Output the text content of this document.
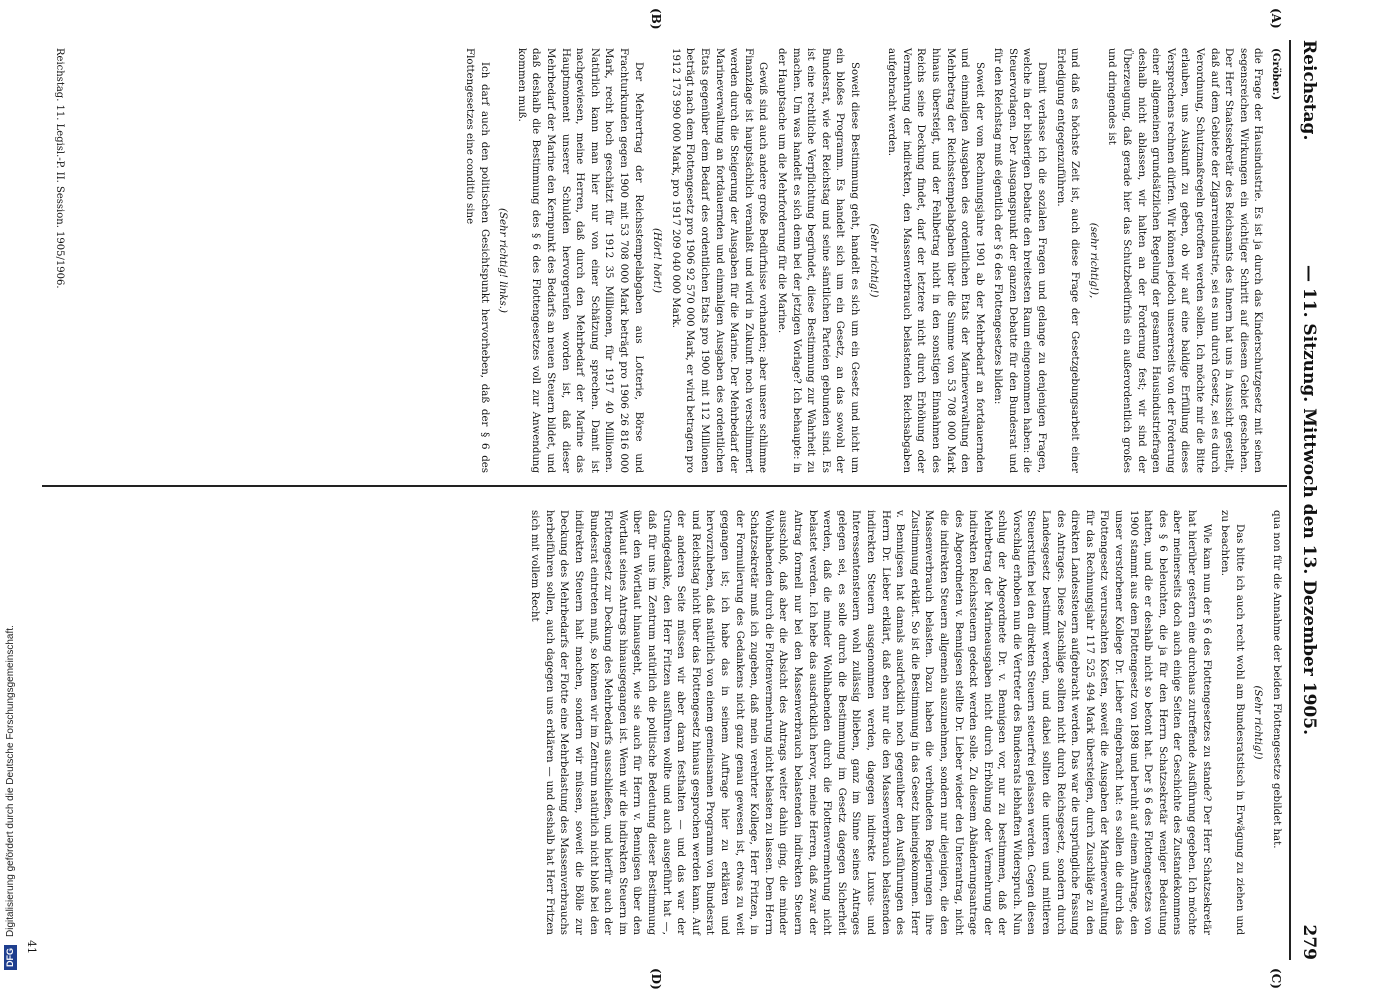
Reichstag.
— 11. Sitzung. Mittwoch den 13. Dezember 1905.
279
(A)
(B)
(C)
(D)

(Gröber.)

die Frage der Hausindustrie. Es ist ja durch das Kinderschutzgesetz mit seinen segensreichen Wirkungen ein wichtiger Schritt auf diesem Gebiet geschehen. Der Herr Staatssekretär des Reichsamts des Innern hat uns in Aussicht gestellt, daß auf dem Gebiete der Zigarrenindustrie, sei es nun durch Gesetz, sei es durch Verordnung, Schutzmaßregeln getroffen werden sollen. Ich möchte mir die Bitte erlauben, uns Auskunft zu geben, ob wir auf eine baldige Erfüllung dieses Versprechens rechnen dürfen. Wir können jedoch unsererseits von der Forderung einer allgemeinen grundsätzlichen Regelung der gesamten Hausindustriefragen deshalb nicht ablassen, wir halten an der Forderung fest; wir sind der Überzeugung, daß gerade hier das Schutzbedürfnis ein außerordentlich großes und dringendes ist

(sehr richtig!),

und daß es höchste Zeit ist, auch diese Frage der Gesetzgebungsarbeit einer Erledigung entgegenzuführen.

Damit verlasse ich die sozialen Fragen und gelange zu denjenigen Fragen, welche in der bisherigen Debatte den breitesten Raum eingenommen haben: die Steuervorlagen. Der Ausgangspunkt der ganzen Debatte für den Bundesrat und für den Reichstag muß eigentlich der § 6 des Flottengesetzes bilden:

Soweit der vom Rechnungsjahre 1901 ab der Mehrbedarf an fortdauernden und einmaligen Ausgaben des ordentlichen Etats der Marineverwaltung den Mehrbetrag der Reichsstempelabgaben über die Summe von 53 708 000 Mark hinaus übersteigt, und der Fehlbetrag nicht in den sonstigen Einnahmen des Reichs seine Deckung findet, darf der letztere nicht durch Erhöhung oder Vermehrung der indirekten, den Massenverbrauch belastenden Reichsabgaben aufgebracht werden.

(Sehr richtig!)

Soweit diese Bestimmung geht, handelt es sich um ein Gesetz und nicht um ein bloßes Programm. Es handelt sich um ein Gesetz, an das sowohl der Bundesrat, wie der Reichstag und seine sämtlichen Parteien gebunden sind. Es ist eine rechtliche Verpflichtung begründet, diese Bestimmung zur Wahrheit zu machen. Um was handelt es sich denn bei der jetzigen Vorlage? Ich behaupte: in der Hauptsache um die Mehrforderung für die Marine.

Gewiß sind auch andere große Bedürfnisse vorhanden; aber unsere schlimme Finanzlage ist hauptsächlich veranlaßt und wird in Zukunft noch verschlimmert werden durch die Steigerung der Ausgaben für die Marine. Der Mehrbedarf der Marineverwaltung an fortdauernden und einmaligen Ausgaben des ordentlichen Etats gegenüber dem Bedarf des ordentlichen Etats pro 1900 mit 112 Millionen beträgt nach dem Flottengesetz pro 1906 92 570 000 Mark, er wird betragen pro 1912 173 990 000 Mark, pro 1917 209 040 000 Mark.

(Hört! hört!)

Der Mehrertrag der Reichsstempelabgaben aus Lotterie, Börse und Frachturkunden gegen 1900 mit 53 708 000 Mark beträgt pro 1906 26 816 000 Mark, recht hoch geschätzt für 1912 35 Millionen, für 1917 40 Millionen. Natürlich kann man hier nur von einer Schätzung sprechen. Damit ist nachgewiesen, meine Herren, daß durch den Mehrbedarf der Marine das Hauptmoment unserer Schulden hervorgerufen worden ist, daß dieser Mehrbedarf der Marine den Kernpunkt des Bedarfs an neuen Steuern bildet, und daß deshalb die Bestimmung des § 6 des Flottengesetzes voll zur Anwendung kommen muß.

(Sehr richtig! links.)

Ich darf auch den politischen Gesichtspunkt hervorheben, daß der § 6 des Flottengesetzes eine conditio sine

qua non für die Annahme der beiden Flottengesetze gebildet hat.

(Sehr richtig!)

Das bitte ich auch recht wohl am Bundesratstisch in Erwägung zu ziehen und zu beachten.

Wie kam nun der § 6 des Flottengesetzes zu stande? Der Herr Schatzsekretär hat hierüber gestern eine durchaus zutreffende Ausführung gegeben. Ich möchte aber meinerseits doch auch einige Seiten der Geschichte des Zustandekommens des § 6 beleuchten, die ja für den Herrn Schatzsekretär weniger Bedeutung hatten, und die er deshalb nicht so betont hat. Der § 6 des Flottengesetzes von 1900 stammt aus dem Flottengesetz von 1898 und beruht auf einem Antrage, den unser verstorbener Kollege Dr. Lieber eingebracht hat: es sollen die durch das Flottengesetz verursachten Kosten, soweit die Ausgaben der Marineverwaltung für das Rechnungsjahr 117 525 494 Mark übersteigen, durch Zuschläge zu den direkten Landessteuern aufgebracht werden. Das war die ursprüngliche Fassung des Antrages. Diese Zuschläge sollten nicht durch Reichsgesetz, sondern durch Landesgesetz bestimmt werden, und dabei sollten die unteren und mittleren Steuerstufen bei den direkten Steuern steuerfrei gelassen werden. Gegen diesen Vorschlag erhoben nun die Vertreter des Bundesrats lebhaften Widerspruch. Nun schlug der Abgeordnete Dr. v. Bennigsen vor, nur zu bestimmen, daß der Mehrbetrag der Marineausgaben nicht durch Erhöhung oder Vermehrung der indirekten Reichssteuern gedeckt werden solle. Zu diesem Abänderungsantrage des Abgeordneten v. Bennigsen stellte Dr. Lieber wieder den Unterantrag, nicht die indirekten Steuern allgemein auszunehmen, sondern nur diejenigen, die den Massenverbrauch belasten. Dazu haben die verbündeten Regierungen ihre Zustimmung erklärt. So ist die Bestimmung in das Gesetz hineingekommen. Herr v. Bennigsen hat damals ausdrücklich noch gegenüber den Ausführungen des Herrn Dr. Lieber erklärt, daß eben nur die den Massenverbrauch belastenden indirekten Steuern ausgenommen werden, dagegen indirekte Luxus- und Interessentensteuern wohl zulässig blieben, ganz im Sinne seines Antrages gelegen sei, es solle durch die Bestimmung im Gesetz dagegen Sicherheit werden, daß die minder Wohlhabenden durch die Flottenvermehrung nicht belastet werden. Ich hebe das ausdrücklich hervor, meine Herren, daß zwar der Antrag formell nur bei den Massenverbrauch belastenden indirekten Steuern ausschloß, daß aber die Absicht des Antrags weiter dahin ging, die minder Wohlhabenden durch die Flottenvermehrung nicht belasten zu lassen. Dem Herrn Schatzsekretär muß ich zugeben, daß mein verehrter Kollege, Herr Fritzen, in der Formulierung des Gedankens nicht ganz genau gewesen ist, etwas zu weit gegangen ist; ich habe das in seinem Auftrage hier zu erklären und hervorzuheben, daß natürlich von einem gemeinsamen Programm von Bundesrat und Reichstag nicht über das Flottengesetz hinaus gesprochen werden kann. Auf der anderen Seite müssen wir aber daran festhalten — und das war der Grundgedanke, den Herr Fritzen ausführen wollte und auch ausgeführt hat —, daß für uns im Zentrum natürlich die politische Bedeutung dieser Bestimmung über den Wortlaut hinausgeht, wie sie auch für Herrn v. Bennigsen über den Wortlaut seines Antrags hinausgegangen ist. Wenn wir die indirekten Steuern im Flottengesetz zur Deckung des Mehrbedarfs ausschließen, und hierfür auch der Bundesrat eintreten muß, so können wir im Zentrum natürlich nicht bloß bei den indirekten Steuern halt machen, sondern wir müssen, soweit die Bölle zur Deckung des Mehrbedarfs der Flotte eine Mehrbelastung des Massenverbrauchs herbeiführen sollen, auch dagegen uns erklären — und deshalb hat Herr Fritzen sich mit vollem Recht

Reichstag. 11. Legisl.-P. II. Session. 1905/1906.
41
DFGDigitalisierung gefördert durch die Deutsche Forschungsgemeinschaft.
